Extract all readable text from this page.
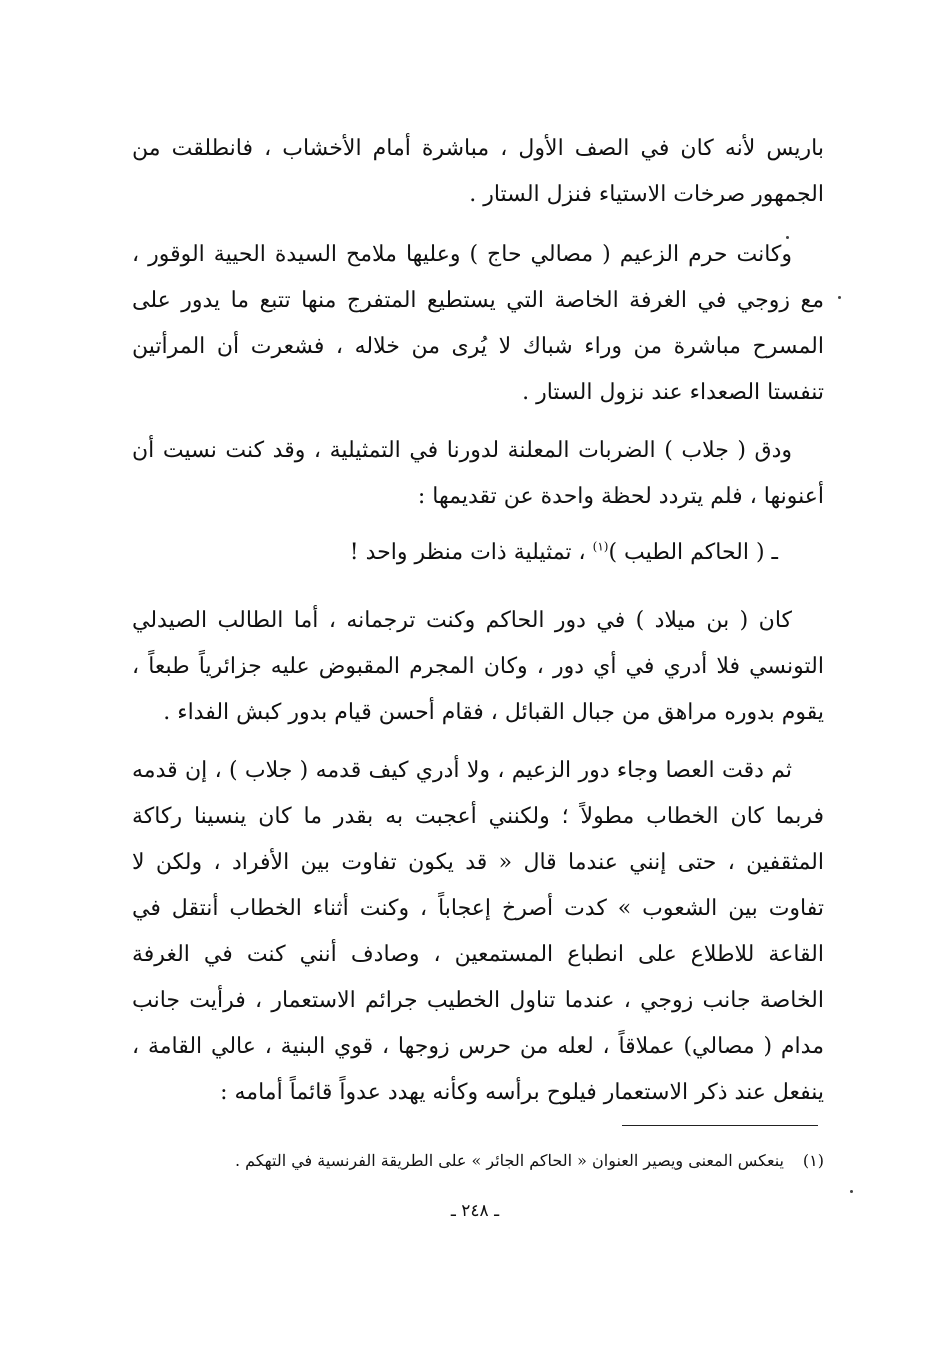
باريس لأنه كان في الصف الأول ، مباشرة أمام الأخشاب ، فانطلقت من الجمهور صرخات الاستياء فنزل الستار .

وكانت حرم الزعيم ( مصالي حاج ) وعليها ملامح السيدة الحيية الوقور ، مع زوجي في الغرفة الخاصة التي يستطيع المتفرج منها تتبع ما يدور على المسرح مباشرة من وراء شباك لا يُرى من خلاله ، فشعرت أن المرأتين تنفستا الصعداء عند نزول الستار .

ودق ( جلاب ) الضربات المعلنة لدورنا في التمثيلية ، وقد كنت نسيت أن أعنونها ، فلم يتردد لحظة واحدة عن تقديمها :

ـ ( الحاكم الطيب )$^{(١)}$ ، تمثيلية ذات منظر واحد !

كان ( بن ميلاد ) في دور الحاكم وكنت ترجمانه ، أما الطالب الصيدلي التونسي فلا أدري في أي دور ، وكان المجرم المقبوض عليه جزائرياً طبعاً ، يقوم بدوره مراهق من جبال القبائل ، فقام أحسن قيام بدور كبش الفداء .

ثم دقت العصا وجاء دور الزعيم ، ولا أدري كيف قدمه ( جلاب ) ، إن قدمه فربما كان الخطاب مطولاً ؛ ولكنني أعجبت به بقدر ما كان ينسينا ركاكة المثقفين ، حتى إنني عندما قال « قد يكون تفاوت بين الأفراد ، ولكن لا تفاوت بين الشعوب » كدت أصرخ إعجاباً ، وكنت أثناء الخطاب أنتقل في القاعة للاطلاع على انطباع المستمعين ، وصادف أنني كنت في الغرفة الخاصة جانب زوجي ، عندما تناول الخطيب جرائم الاستعمار ، فرأيت جانب مدام ( مصالي) عملاقاً ، لعله من حرس زوجها ، قوي البنية ، عالي القامة ، ينفعل عند ذكر الاستعمار فيلوح برأسه وكأنه يهدد عدواً قائماً أمامه :

(١)ينعكس المعنى ويصير العنوان « الحاكم الجائر » على الطريقة الفرنسية في التهكم .
ـ ٢٤٨ ـ
